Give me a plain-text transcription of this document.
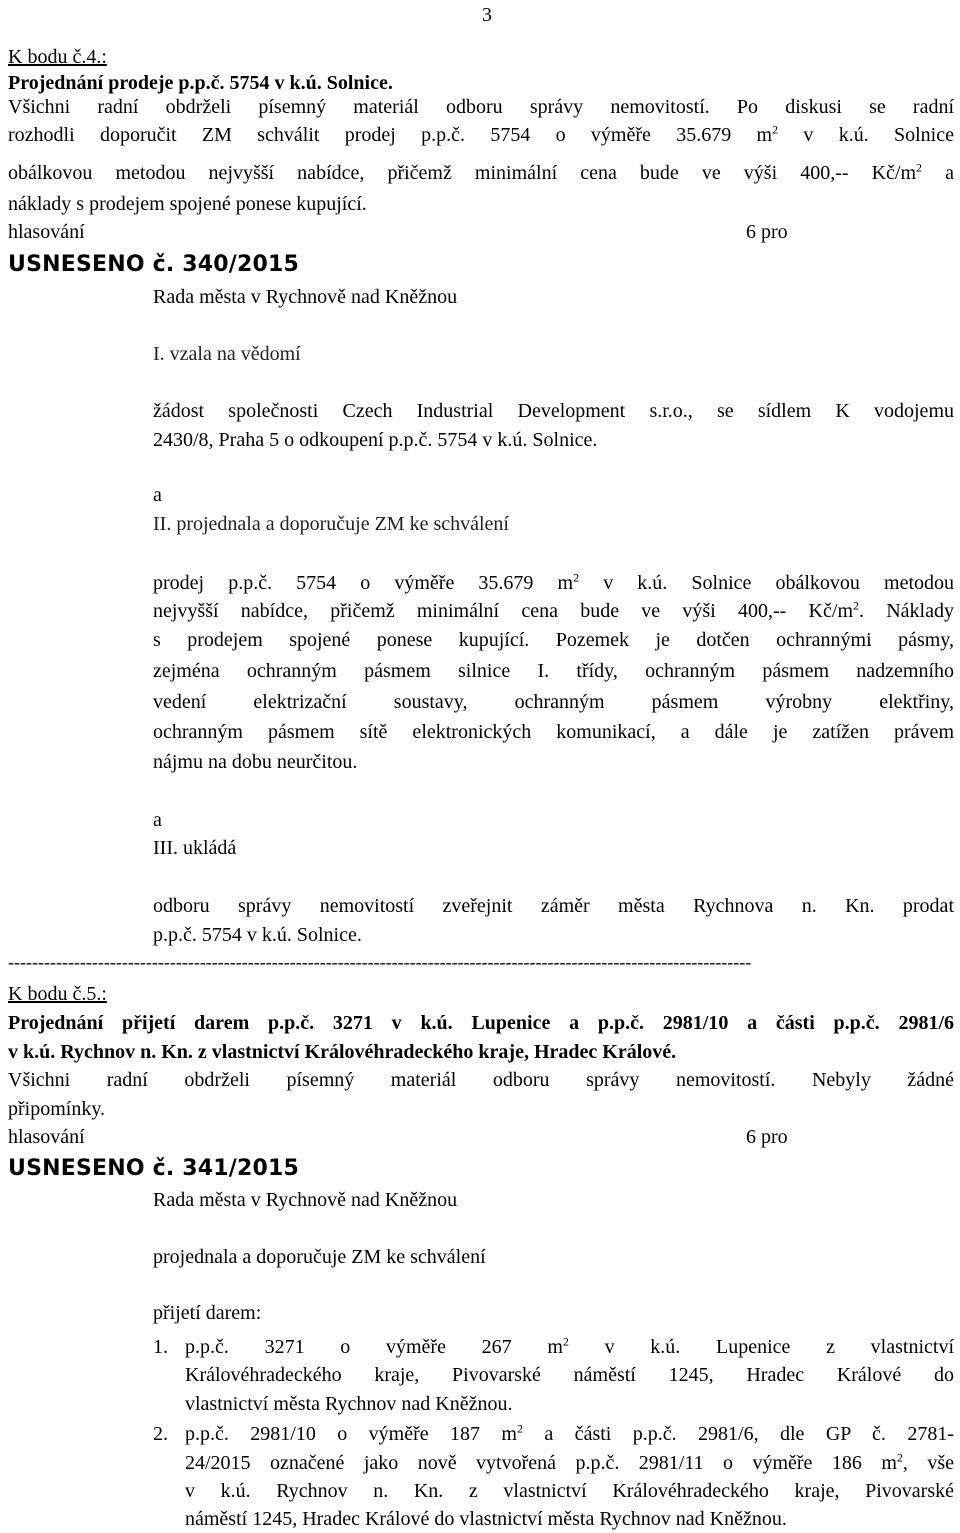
3
K bodu č.4.:
Projednání prodeje p.p.č. 5754 v k.ú. Solnice.
Všichni radní obdrželi písemný materiál odboru správy nemovitostí. Po diskusi se radní
rozhodli doporučit ZM schválit prodej p.p.č. 5754 o výměře 35.679 $m^2$ v k.ú. Solnice
obálkovou metodou nejvyšší nabídce, přičemž minimální cena bude ve výši 400,-- $Kč/m^2$ a
náklady s prodejem spojené ponese kupující.
hlasování	6 pro
USNESENO č. 340/2015
Rada města v Rychnově nad Kněžnou
I. vzala na vědomí
žádost společnosti Czech Industrial Development s.r.o., se sídlem K vodojemu
2430/8, Praha 5 o odkoupení p.p.č. 5754 v k.ú. Solnice.
a
II. projednala a doporučuje ZM ke schválení
prodej p.p.č. 5754 o výměře 35.679 $m^2$ v k.ú. Solnice obálkovou metodou
nejvyšší nabídce, přičemž minimální cena bude ve výši 400,-- $Kč/m^2$. Náklady
s prodejem spojené ponese kupující. Pozemek je dotčen ochrannými pásmy,
zejména ochranným pásmem silnice I. třídy, ochranným pásmem nadzemního
vedení elektrizační soustavy, ochranným pásmem výrobny elektřiny,
ochranným pásmem sítě elektronických komunikací, a dále je zatížen právem
nájmu na dobu neurčitou.
a
III. ukládá
odboru správy nemovitostí zveřejnit záměr města Rychnova n. Kn. prodat
p.p.č. 5754 v k.ú. Solnice.
----------------------------------------------------------------------------------------------------------------------------
K bodu č.5.:
Projednání přijetí darem p.p.č. 3271 v k.ú. Lupenice a p.p.č. 2981/10 a části p.p.č. 2981/6
v k.ú. Rychnov n. Kn. z vlastnictví Královéhradeckého kraje, Hradec Králové.
Všichni radní obdrželi písemný materiál odboru správy nemovitostí. Nebyly žádné
připomínky.
hlasování	6 pro
USNESENO č. 341/2015
Rada města v Rychnově nad Kněžnou
projednala a doporučuje ZM ke schválení
přijetí darem:
1. p.p.č. 3271 o výměře 267 $m^2$ v k.ú. Lupenice z vlastnictví
Královéhradeckého kraje, Pivovarské náměstí 1245, Hradec Králové do
vlastnictví města Rychnov nad Kněžnou.
2. p.p.č. 2981/10 o výměře 187 $m^2$ a části p.p.č. 2981/6, dle GP č. 2781-
24/2015 označené jako nově vytvořená p.p.č. 2981/11 o výměře 186 $m^2$, vše
v k.ú. Rychnov n. Kn. z vlastnictví Královéhradeckého kraje, Pivovarské
náměstí 1245, Hradec Králové do vlastnictví města Rychnov nad Kněžnou.
